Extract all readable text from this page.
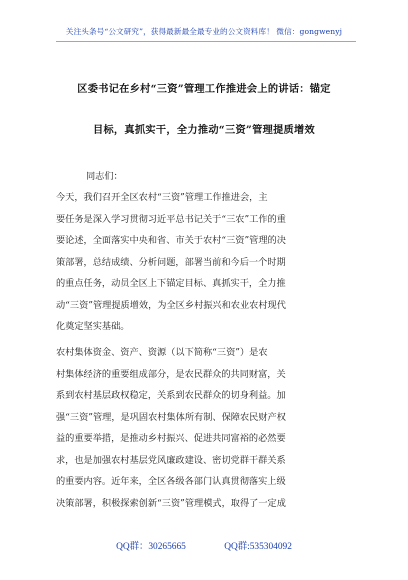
关注头条号“公文研究”，获得最新最全最专业的公文资料库！ 微信：gongwenyj
区委书记在乡村“三资”管理工作推进会上的讲话：锚定
目标，真抓实干，全力推动“三资”管理提质增效
同志们：

今天，我们召开全区农村“三资”管理工作推进会，主
要任务是深入学习贯彻习近平总书记关于“三农”工作的重
要论述，全面落实中央和省、市关于农村“三资”管理的决
策部署，总结成绩、分析问题，部署当前和今后一个时期
的重点任务，动员全区上下锚定目标、真抓实干，全力推
动“三资”管理提质增效，为全区乡村振兴和农业农村现代
化奠定坚实基础。

农村集体资金、资产、资源（以下简称“三资”）是农
村集体经济的重要组成部分，是农民群众的共同财富，关
系到农村基层政权稳定，关系到农民群众的切身利益。加
强“三资”管理，是巩固农村集体所有制、保障农民财产权
益的重要举措，是推动乡村振兴、促进共同富裕的必然要
求，也是加强农村基层党风廉政建设、密切党群干群关系
的重要内容。近年来，全区各级各部门认真贯彻落实上级
决策部署，积极探索创新“三资”管理模式，取得了一定成

QQ群：30265665	QQ群:535304092
